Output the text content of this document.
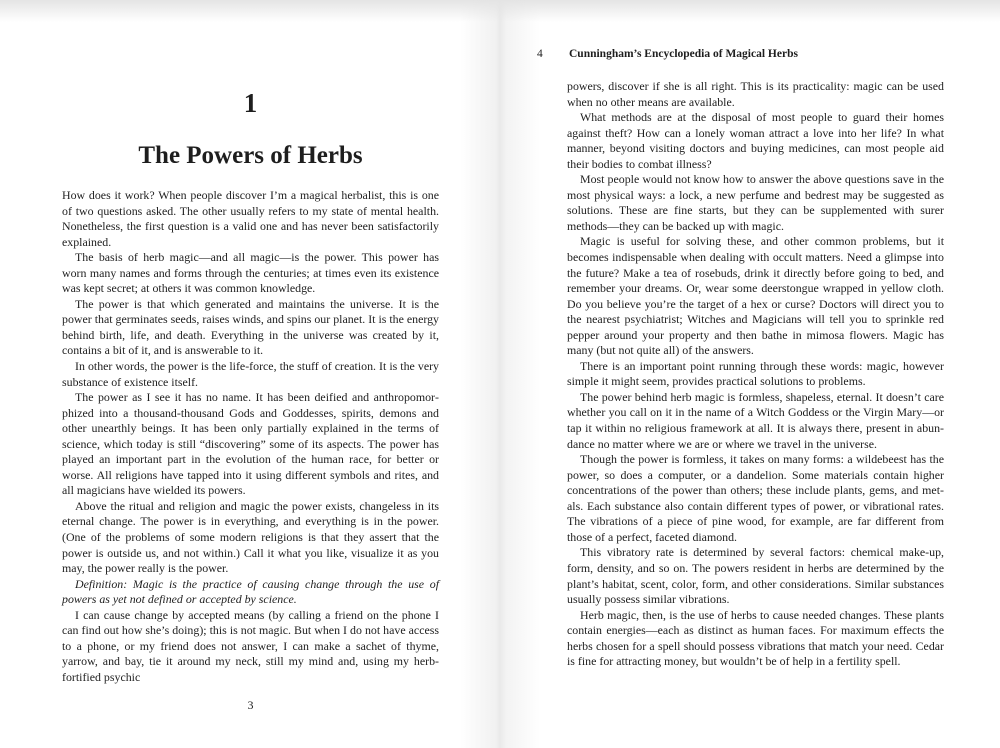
1
The Powers of Herbs

How does it work? When people discover I’m a magical herbalist, this is one of two questions asked. The other usually refers to my state of mental health. Nonetheless, the first question is a valid one and has never been satisfactorily explained.

The basis of herb magic—and all magic—is the power. This power has worn many names and forms through the centuries; at times even its existence was kept secret; at others it was common knowledge.

The power is that which generated and maintains the universe. It is the power that germinates seeds, raises winds, and spins our planet. It is the energy behind birth, life, and death. Everything in the universe was created by it, contains a bit of it, and is answerable to it.

In other words, the power is the life-force, the stuff of creation. It is the very substance of existence itself.

The power as I see it has no name. It has been deified and anthropomorphized into a thousand-thousand Gods and Goddesses, spirits, demons and other unearthly beings. It has been only partially explained in the terms of science, which today is still “discovering” some of its aspects. The power has played an important part in the evolution of the human race, for better or worse. All religions have tapped into it using different symbols and rites, and all magicians have wielded its powers.

Above the ritual and religion and magic the power exists, changeless in its eternal change. The power is in everything, and everything is in the power. (One of the problems of some modern religions is that they assert that the power is outside us, and not within.) Call it what you like, visualize it as you may, the power really is the power.

Definition: Magic is the practice of causing change through the use of powers as yet not defined or accepted by science.

I can cause change by accepted means (by calling a friend on the phone I can find out how she’s doing); this is not magic. But when I do not have access to a phone, or my friend does not answer, I can make a sachet of thyme, yarrow, and bay, tie it around my neck, still my mind and, using my herb-fortified psychic

3
4 Cunningham’s Encyclopedia of Magical Herbs

powers, discover if she is all right. This is its practicality: magic can be used when no other means are available.

What methods are at the disposal of most people to guard their homes against theft? How can a lonely woman attract a love into her life? In what manner, beyond visiting doctors and buying medicines, can most people aid their bodies to combat illness?

Most people would not know how to answer the above questions save in the most physical ways: a lock, a new perfume and bedrest may be suggested as solutions. These are fine starts, but they can be supplemented with surer methods—they can be backed up with magic.

Magic is useful for solving these, and other common problems, but it becomes indispensable when dealing with occult matters. Need a glimpse into the future? Make a tea of rosebuds, drink it directly before going to bed, and remember your dreams. Or, wear some deerstongue wrapped in yellow cloth. Do you believe you’re the target of a hex or curse? Doctors will direct you to the nearest psychiatrist; Witches and Magicians will tell you to sprinkle red pepper around your property and then bathe in mimosa flowers. Magic has many (but not quite all) of the answers.

There is an important point running through these words: magic, however simple it might seem, provides practical solutions to problems.

The power behind herb magic is formless, shapeless, eternal. It doesn’t care whether you call on it in the name of a Witch Goddess or the Virgin Mary—or tap it within no religious framework at all. It is always there, present in abundance no matter where we are or where we travel in the universe.

Though the power is formless, it takes on many forms: a wildebeest has the power, so does a computer, or a dandelion. Some materials contain higher concentrations of the power than others; these include plants, gems, and metals. Each substance also contain different types of power, or vibrational rates. The vibrations of a piece of pine wood, for example, are far different from those of a perfect, faceted diamond.

This vibratory rate is determined by several factors: chemical make-up, form, density, and so on. The powers resident in herbs are determined by the plant’s habitat, scent, color, form, and other considerations. Similar substances usually possess similar vibrations.

Herb magic, then, is the use of herbs to cause needed changes. These plants contain energies—each as distinct as human faces. For maximum effects the herbs chosen for a spell should possess vibrations that match your need. Cedar is fine for attracting money, but wouldn’t be of help in a fertility spell.
